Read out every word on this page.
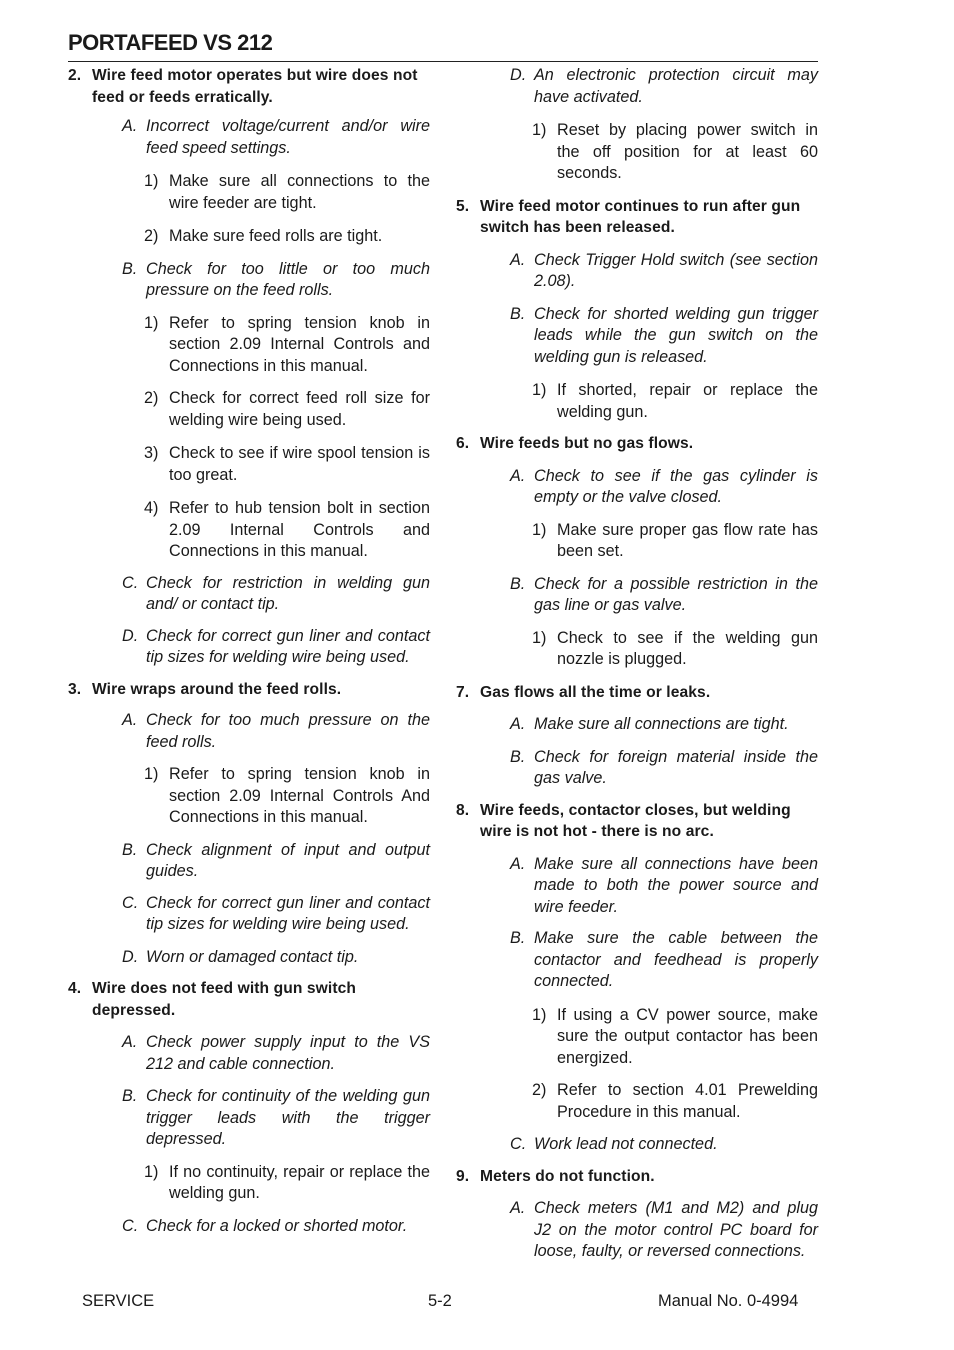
PORTAFEED VS 212

2. Wire feed motor operates but wire does not feed or feeds erratically.

A. Incorrect voltage/current and/or wire feed speed settings.

1) Make sure all connections to the wire feeder are tight.

2) Make sure feed rolls are tight.

B. Check for too little or too much pressure on the feed rolls.

1) Refer to spring tension knob in section 2.09 Internal Controls and Connections in this manual.

2) Check for correct feed roll size for welding wire being used.

3) Check to see if wire spool tension is too great.

4) Refer to hub tension bolt in section 2.09 Internal Controls and Connections in this manual.

C. Check for restriction in welding gun and/ or contact tip.

D. Check for correct gun liner and contact tip sizes for welding wire being used.

3. Wire wraps around the feed rolls.

A. Check for too much pressure on the feed rolls.

1) Refer to spring tension knob in section 2.09 Internal Controls And Connections in this manual.

B. Check alignment of input and output guides.

C. Check for correct gun liner and contact tip sizes for welding wire being used.

D. Worn or damaged contact tip.

4. Wire does not feed with gun switch depressed.

A. Check power supply input to the VS 212 and cable connection.

B. Check for continuity of the welding gun trigger leads with the trigger depressed.

1) If no continuity, repair or replace the welding gun.

C. Check for a locked or shorted motor.

D. An electronic protection circuit may have activated.

1) Reset by placing power switch in the off position for at least 60 seconds.

5. Wire feed motor continues to run after gun switch has been released.

A. Check Trigger Hold switch (see section 2.08).

B. Check for shorted welding gun trigger leads while the gun switch on the welding gun is released.

1) If shorted, repair or replace the welding gun.

6. Wire feeds but no gas flows.

A. Check to see if the gas cylinder is empty or the valve closed.

1) Make sure proper gas flow rate has been set.

B. Check for a possible restriction in the gas line or gas valve.

1) Check to see if the welding gun nozzle is plugged.

7. Gas flows all the time or leaks.

A. Make sure all connections are tight.

B. Check for foreign material inside the gas valve.

8. Wire feeds, contactor closes, but welding wire is not hot - there is no arc.

A. Make sure all connections have been made to both the power source and wire feeder.

B. Make sure the cable between the contactor and feedhead is properly connected.

1) If using a CV power source, make sure the output contactor has been energized.

2) Refer to section 4.01 Prewelding Procedure in this manual.

C. Work lead not connected.

9. Meters do not function.

A. Check meters (M1 and M2) and plug J2 on the motor control PC board for loose, faulty, or reversed connections.

SERVICE	5-2	Manual No. 0-4994
